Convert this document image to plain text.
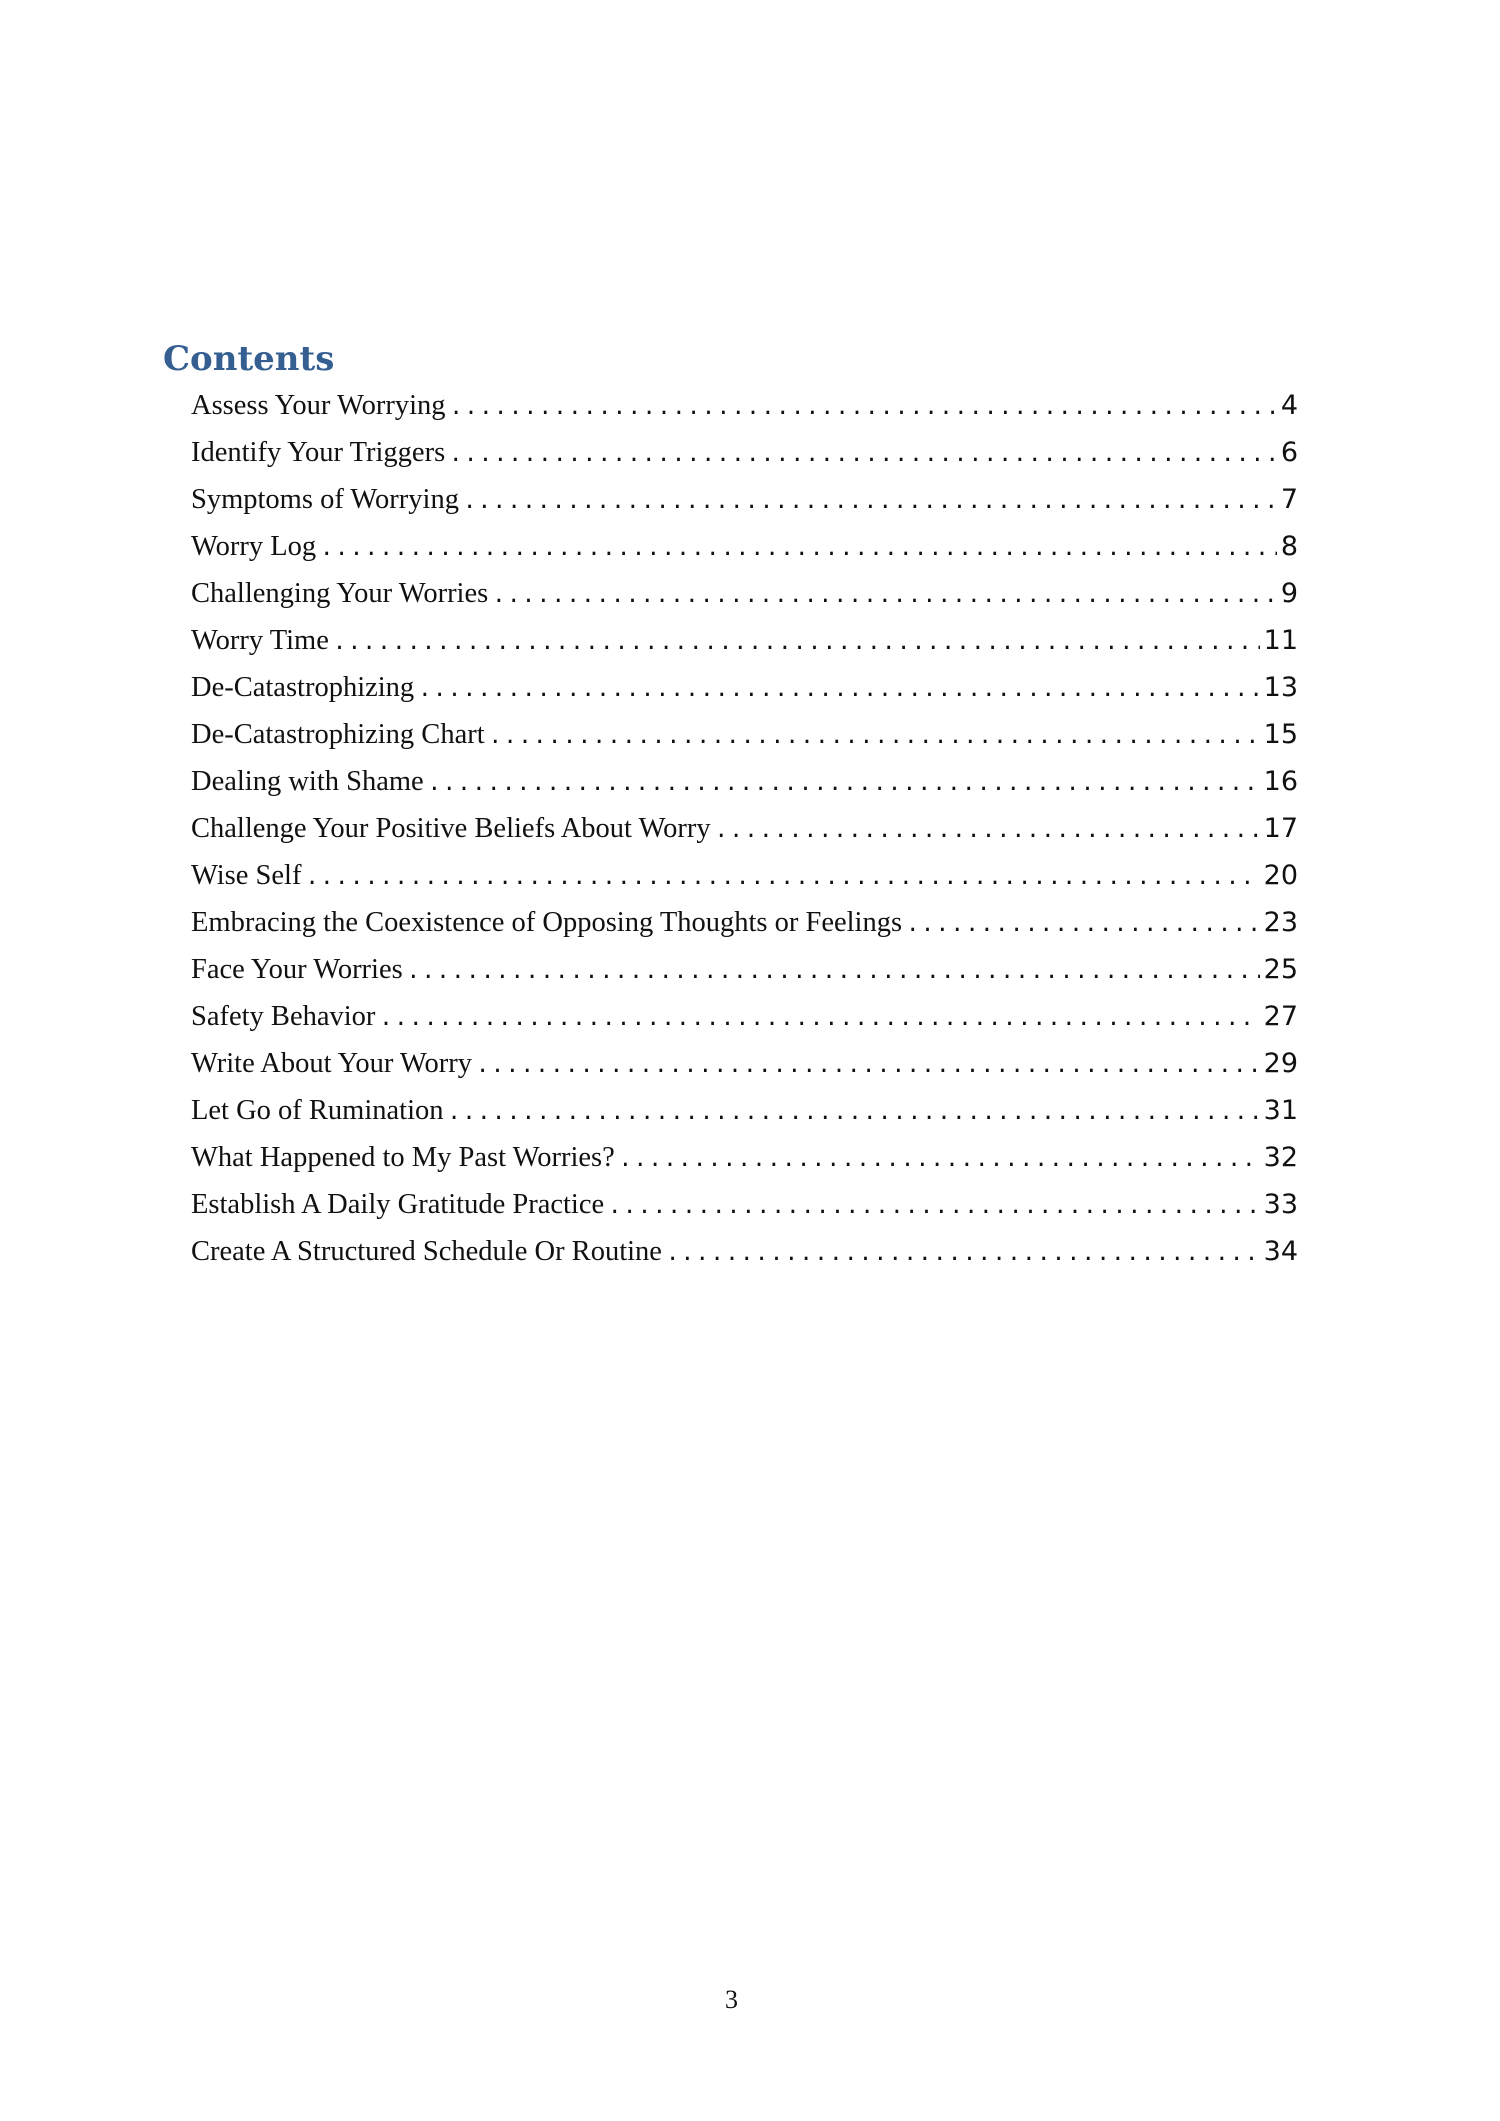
Contents
Assess Your Worrying .....	4
Identify Your Triggers .....	6
Symptoms of Worrying .....	7
Worry Log .....	8
Challenging Your Worries .....	9
Worry Time .....	11
De-Catastrophizing .....	13
De-Catastrophizing Chart .....	15
Dealing with Shame .....	16
Challenge Your Positive Beliefs About Worry .....	17
Wise Self .....	20
Embracing the Coexistence of Opposing Thoughts or Feelings .....	23
Face Your Worries .....	25
Safety Behavior .....	27
Write About Your Worry .....	29
Let Go of Rumination .....	31
What Happened to My Past Worries? .....	32
Establish A Daily Gratitude Practice .....	33
Create A Structured Schedule Or Routine .....	34
3
